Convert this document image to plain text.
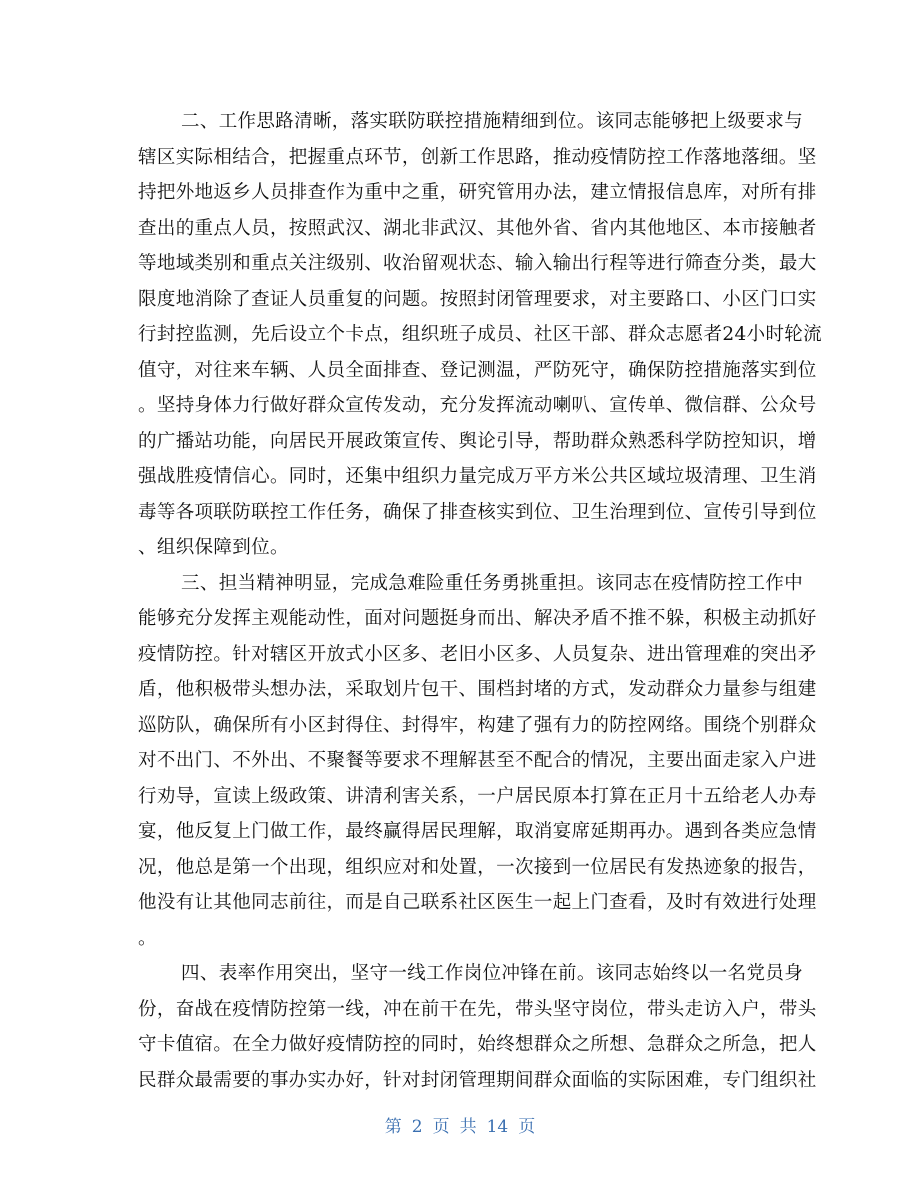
二、工作思路清晰，落实联防联控措施精细到位。该同志能够把上级要求与
辖区实际相结合，把握重点环节，创新工作思路，推动疫情防控工作落地落细。坚
持把外地返乡人员排查作为重中之重，研究管用办法，建立情报信息库，对所有排
查出的重点人员，按照武汉、湖北非武汉、其他外省、省内其他地区、本市接触者
等地域类别和重点关注级别、收治留观状态、输入输出行程等进行筛查分类，最大
限度地消除了查证人员重复的问题。按照封闭管理要求，对主要路口、小区门口实
行封控监测，先后设立个卡点，组织班子成员、社区干部、群众志愿者24小时轮流
值守，对往来车辆、人员全面排查、登记测温，严防死守，确保防控措施落实到位
。坚持身体力行做好群众宣传发动，充分发挥流动喇叭、宣传单、微信群、公众号
的广播站功能，向居民开展政策宣传、舆论引导，帮助群众熟悉科学防控知识，增
强战胜疫情信心。同时，还集中组织力量完成万平方米公共区域垃圾清理、卫生消
毒等各项联防联控工作任务，确保了排查核实到位、卫生治理到位、宣传引导到位
、组织保障到位。
三、担当精神明显，完成急难险重任务勇挑重担。该同志在疫情防控工作中
能够充分发挥主观能动性，面对问题挺身而出、解决矛盾不推不躲，积极主动抓好
疫情防控。针对辖区开放式小区多、老旧小区多、人员复杂、进出管理难的突出矛
盾，他积极带头想办法，采取划片包干、围档封堵的方式，发动群众力量参与组建
巡防队，确保所有小区封得住、封得牢，构建了强有力的防控网络。围绕个别群众
对不出门、不外出、不聚餐等要求不理解甚至不配合的情况，主要出面走家入户进
行劝导，宣读上级政策、讲清利害关系，一户居民原本打算在正月十五给老人办寿
宴，他反复上门做工作，最终赢得居民理解，取消宴席延期再办。遇到各类应急情
况，他总是第一个出现，组织应对和处置，一次接到一位居民有发热迹象的报告，
他没有让其他同志前往，而是自己联系社区医生一起上门查看，及时有效进行处理
。
四、表率作用突出，坚守一线工作岗位冲锋在前。该同志始终以一名党员身
份，奋战在疫情防控第一线，冲在前干在先，带头坚守岗位，带头走访入户，带头
守卡值宿。在全力做好疫情防控的同时，始终想群众之所想、急群众之所急，把人
民群众最需要的事办实办好，针对封闭管理期间群众面临的实际困难，专门组织社
第 2 页 共 14 页
